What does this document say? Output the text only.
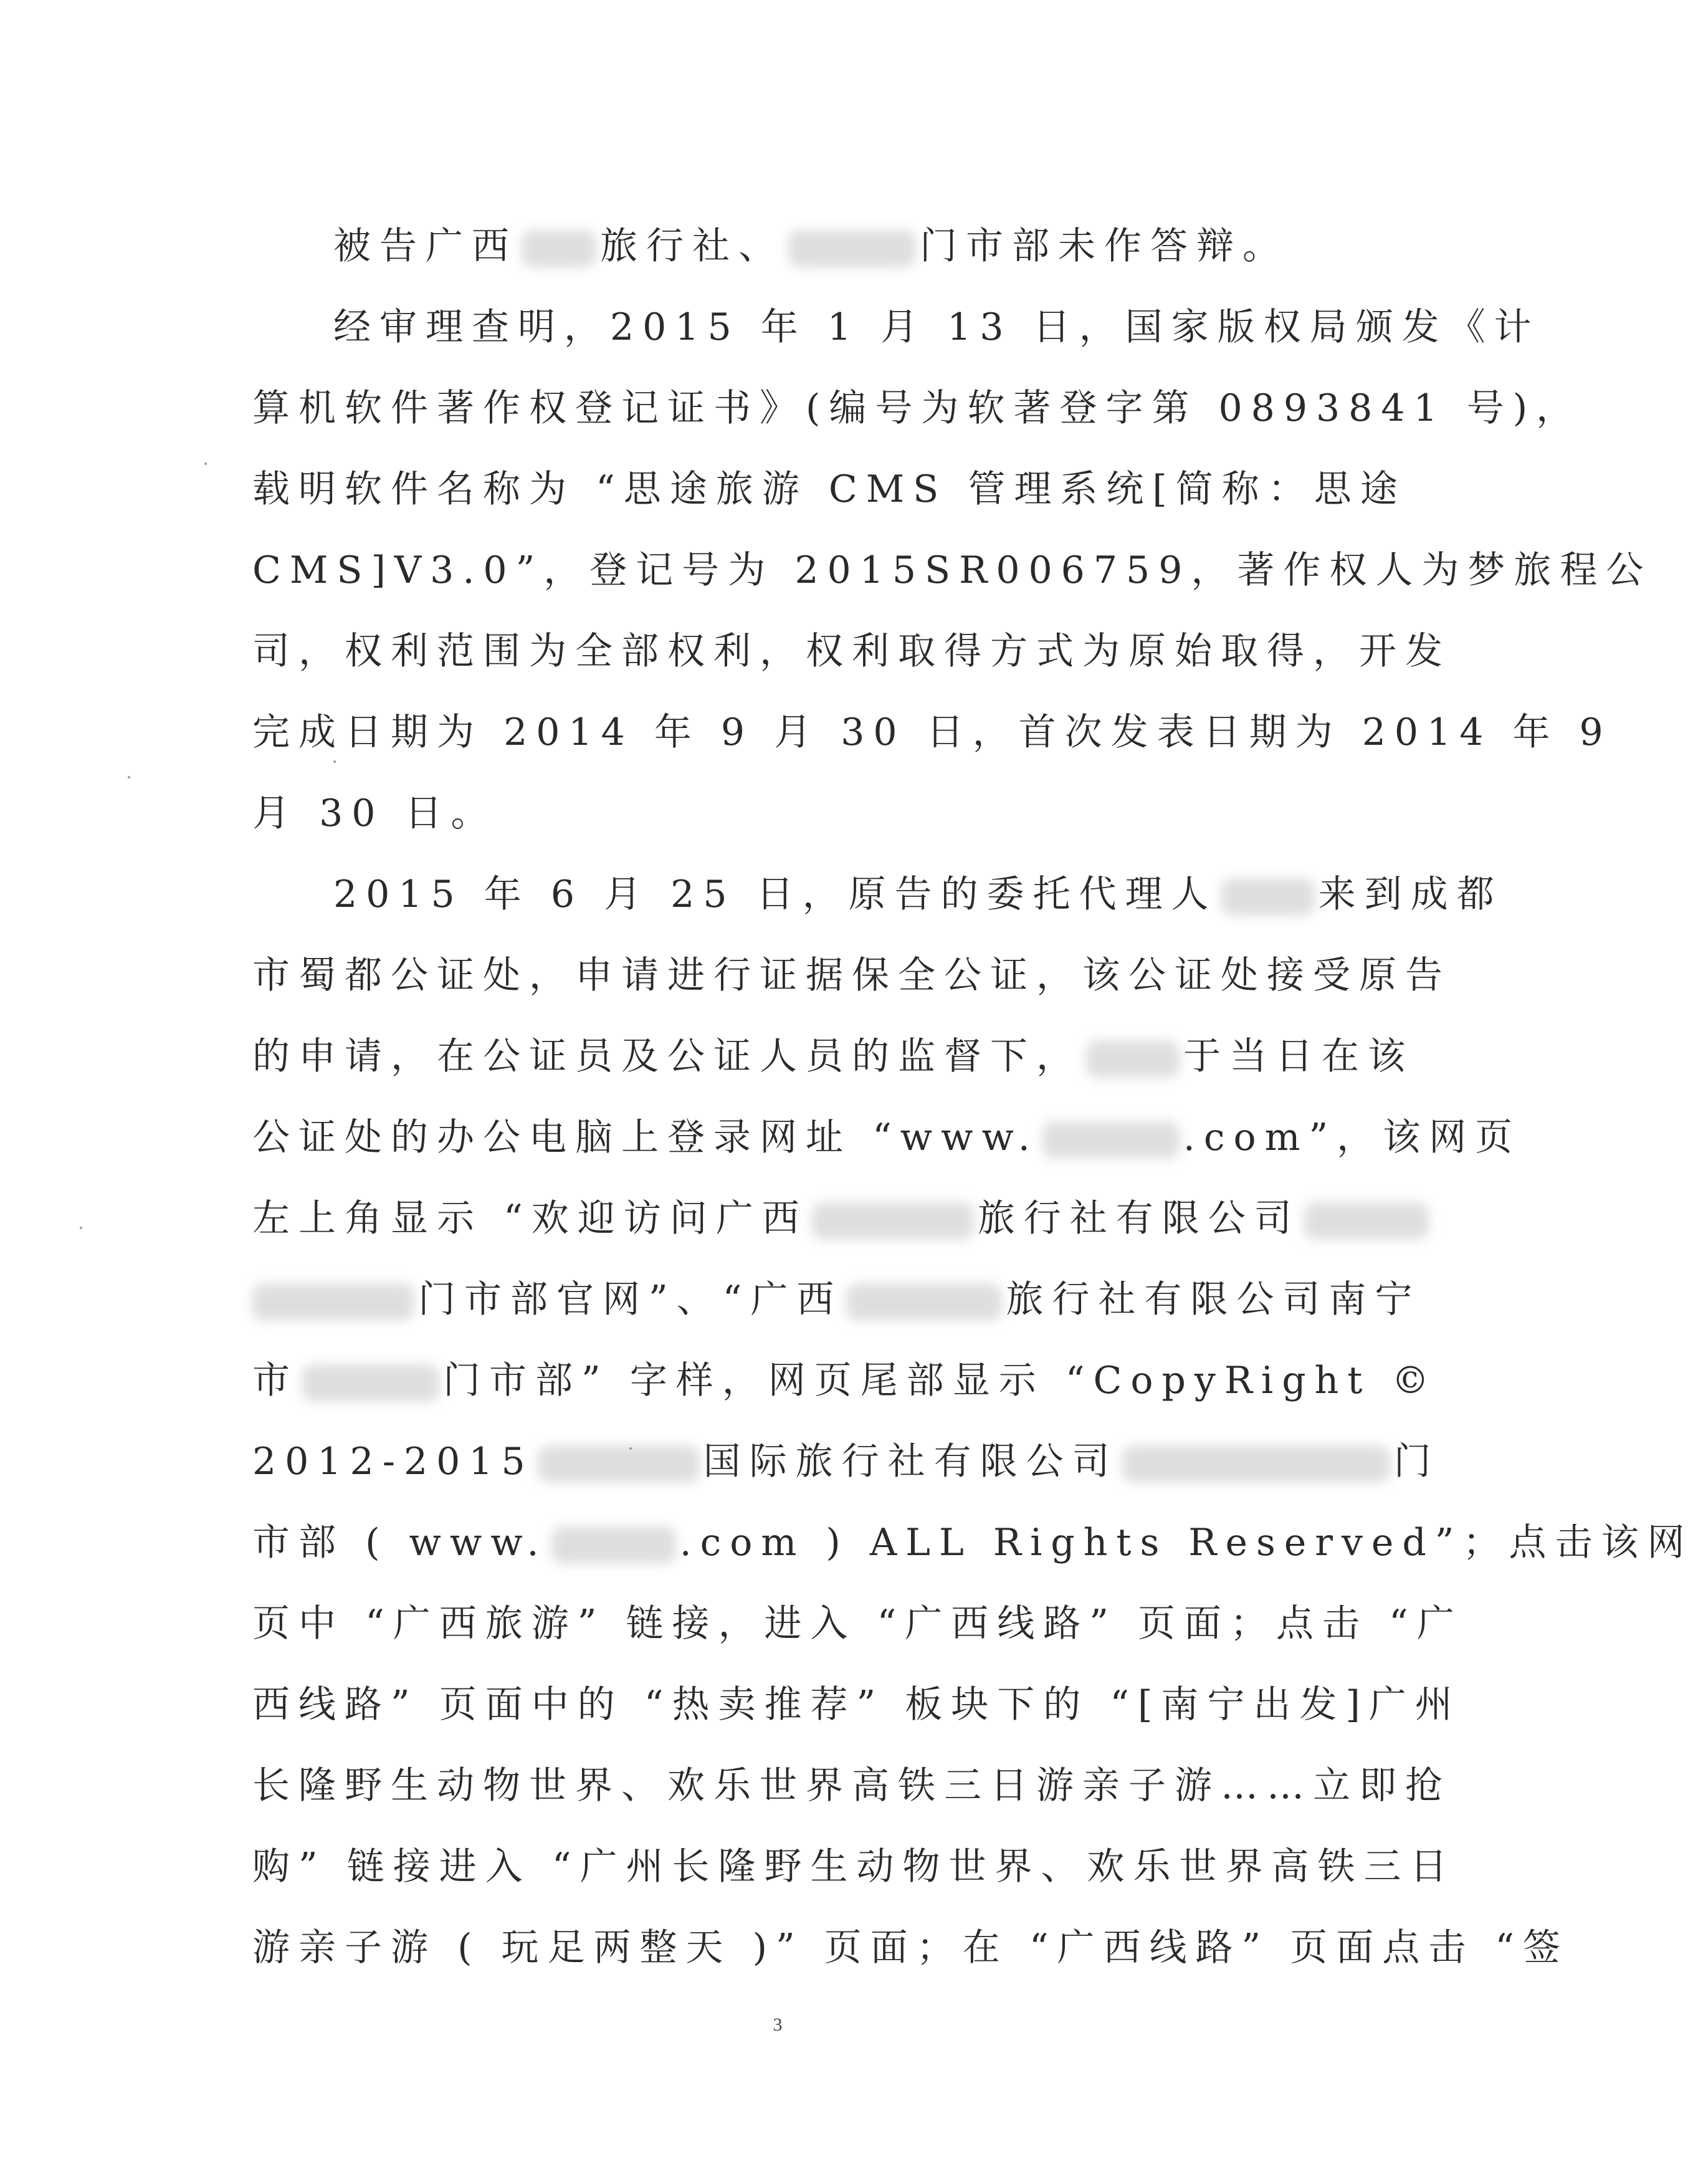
被告广西 旅行社、	门市部未作答辩。
经审理查明，2015 年 1 月 13 日，国家版权局颁发《计
算机软件著作权登记证书》(编号为软著登字第 0893841 号)，
载明软件名称为 “思途旅游 CMS 管理系统[简称：思途
CMS]V3.0”，登记号为 2015SR006759，著作权人为梦旅程公
司，权利范围为全部权利，权利取得方式为原始取得，开发
完成日期为 2014 年 9 月 30 日，首次发表日期为 2014 年 9
月 30 日。
2015 年 6 月 25 日，原告的委托代理人	来到成都
市蜀都公证处，申请进行证据保全公证，该公证处接受原告
的申请，在公证员及公证人员的监督下，	于当日在该
公证处的办公电脑上登录网址 “www.	.com”，该网页
左上角显示 “欢迎访问广西	旅行社有限公司
门市部官网”、“广西	旅行社有限公司南宁
市	门市部” 字样，网页尾部显示 “CopyRight ©
2012-2015	国际旅行社有限公司	门
市部 ( www.	.com ) ALL Rights Reserved”；点击该网
页中 “广西旅游” 链接，进入 “广西线路” 页面；点击 “广
西线路” 页面中的 “热卖推荐” 板块下的 “[南宁出发]广州
长隆野生动物世界、欢乐世界高铁三日游亲子游……立即抢
购” 链接进入 “广州长隆野生动物世界、欢乐世界高铁三日
游亲子游 ( 玩足两整天 )” 页面；在 “广西线路” 页面点击 “签
3
